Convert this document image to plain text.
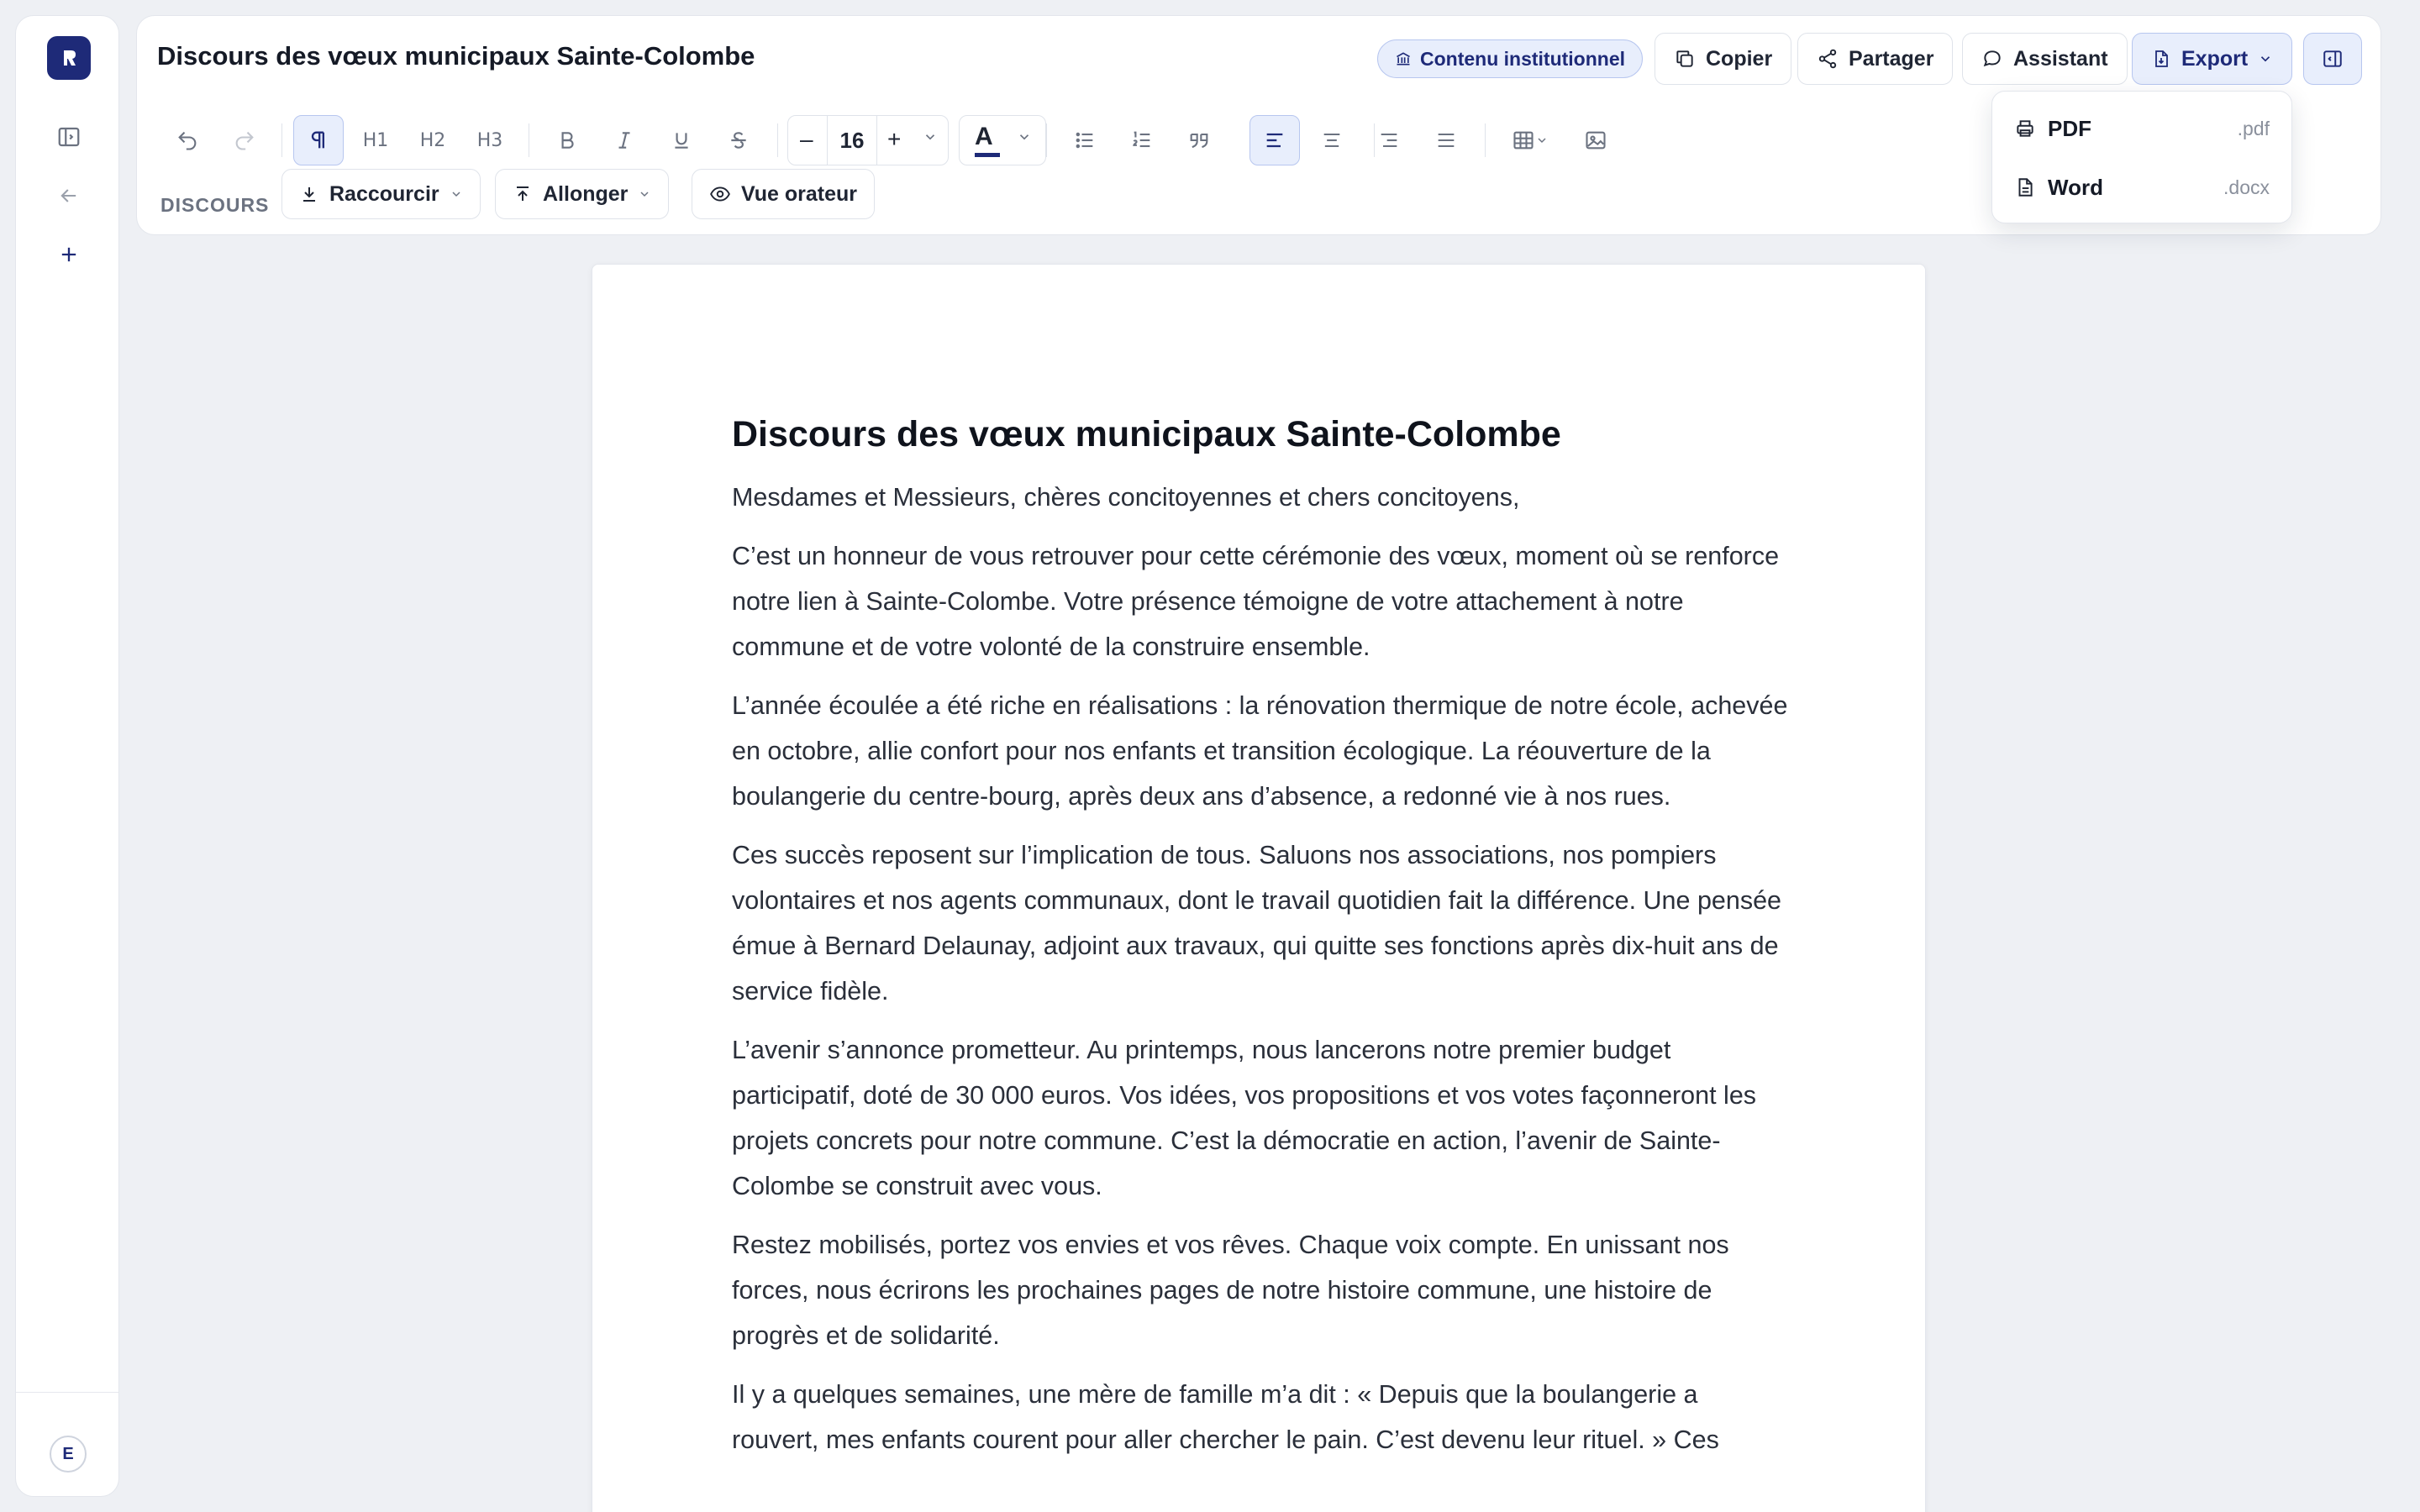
E
Discours des vœux municipaux Sainte-Colombe	Contenu institutionnel	Copier	Partager	Assistant	Export
H1 H2 H3	–	16 +	A
DISCOURS	Raccourcir	Allonger	Vue orateur
PDF	.pdf
Word	.docx
Discours des vœux municipaux Sainte-Colombe

Mesdames et Messieurs, chères concitoyennes et chers concitoyens,

C’est un honneur de vous retrouver pour cette cérémonie des vœux, moment où se renforce notre lien à Sainte-Colombe. Votre présence témoigne de votre attachement à notre commune et de votre volonté de la construire ensemble.

L’année écoulée a été riche en réalisations : la rénovation thermique de notre école, achevée en octobre, allie confort pour nos enfants et transition écologique. La réouverture de la boulangerie du centre-bourg, après deux ans d’absence, a redonné vie à nos rues.

Ces succès reposent sur l’implication de tous. Saluons nos associations, nos pompiers volontaires et nos agents communaux, dont le travail quotidien fait la différence. Une pensée émue à Bernard Delaunay, adjoint aux travaux, qui quitte ses fonctions après dix-huit ans de service fidèle.

L’avenir s’annonce prometteur. Au printemps, nous lancerons notre premier budget participatif, doté de 30 000 euros. Vos idées, vos propositions et vos votes façonneront les projets concrets pour notre commune. C’est la démocratie en action, l’avenir de Sainte-Colombe se construit avec vous.

Restez mobilisés, portez vos envies et vos rêves. Chaque voix compte. En unissant nos forces, nous écrirons les prochaines pages de notre histoire commune, une histoire de progrès et de solidarité.

Il y a quelques semaines, une mère de famille m’a dit : « Depuis que la boulangerie a rouvert, mes enfants courent pour aller chercher le pain. C’est devenu leur rituel. » Ces
